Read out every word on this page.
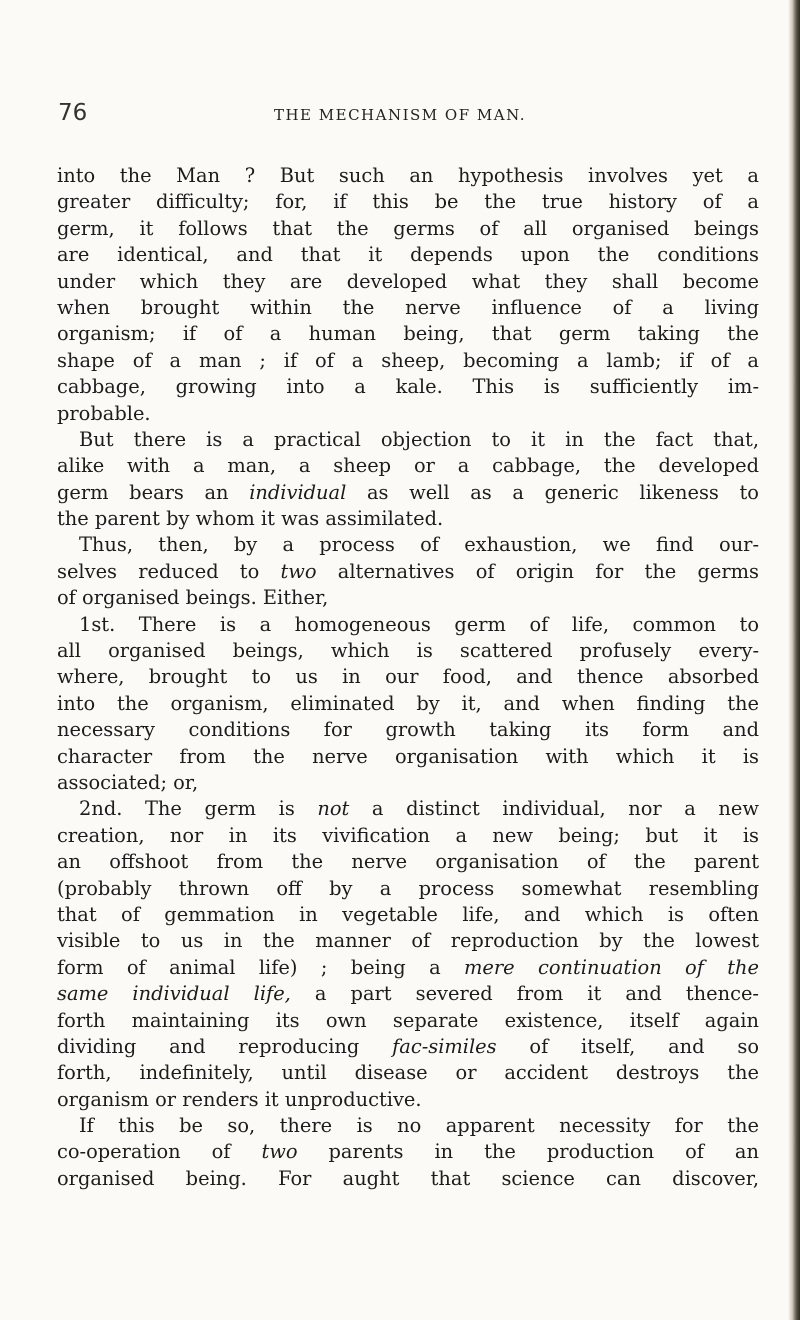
76	THE MECHANISM OF MAN.
into the Man ? But such an hypothesis involves yet a
greater difficulty; for, if this be the true history of a
germ, it follows that the germs of all organised beings
are identical, and that it depends upon the conditions
under which they are developed what they shall become
when brought within the nerve influence of a living
organism; if of a human being, that germ taking the
shape of a man ; if of a sheep, becoming a lamb; if of a
cabbage, growing into a kale. This is sufficiently im-
probable.
But there is a practical objection to it in the fact that,
alike with a man, a sheep or a cabbage, the developed
germ bears an individual as well as a generic likeness to
the parent by whom it was assimilated.
Thus, then, by a process of exhaustion, we find our-
selves reduced to two alternatives of origin for the germs
of organised beings. Either,
1st. There is a homogeneous germ of life, common to
all organised beings, which is scattered profusely every-
where, brought to us in our food, and thence absorbed
into the organism, eliminated by it, and when finding the
necessary conditions for growth taking its form and
character from the nerve organisation with which it is
associated; or,
2nd. The germ is not a distinct individual, nor a new
creation, nor in its vivification a new being; but it is
an offshoot from the nerve organisation of the parent
(probably thrown off by a process somewhat resembling
that of gemmation in vegetable life, and which is often
visible to us in the manner of reproduction by the lowest
form of animal life) ; being a mere continuation of the
same individual life, a part severed from it and thence-
forth maintaining its own separate existence, itself again
dividing and reproducing fac-similes of itself, and so
forth, indefinitely, until disease or accident destroys the
organism or renders it unproductive.
If this be so, there is no apparent necessity for the
co-operation of two parents in the production of an
organised being. For aught that science can discover,
